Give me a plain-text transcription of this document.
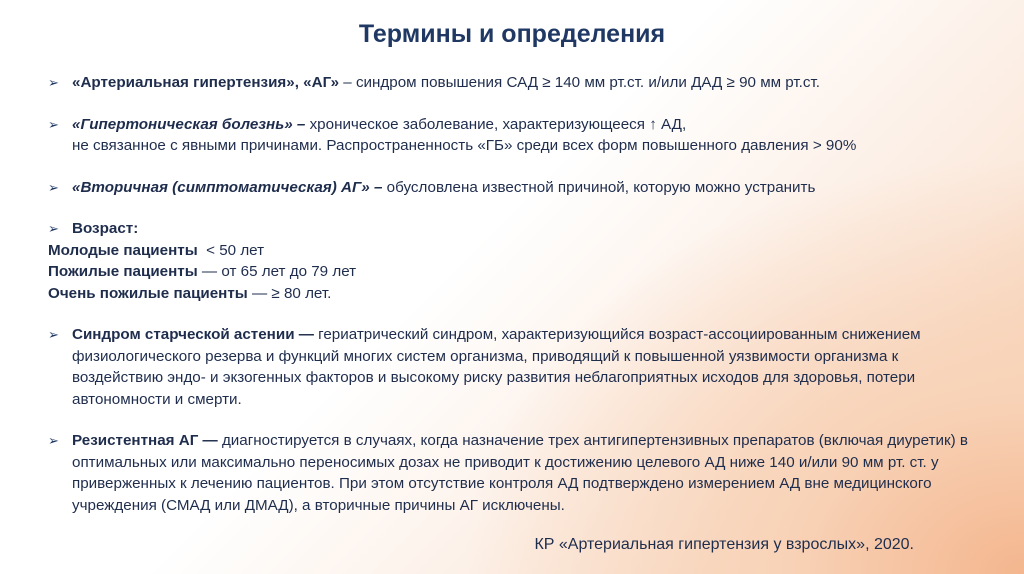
Термины и определения
➢ «Артериальная гипертензия», «АГ» – синдром повышения САД ≥ 140 мм рт.ст. и/или ДАД ≥ 90 мм рт.ст.
➢ «Гипертоническая болезнь» – хроническое заболевание, характеризующееся ↑ АД,
не связанное с явными причинами. Распространенность «ГБ» среди всех форм повышенного давления > 90%
➢ «Вторичная (симптоматическая) АГ» – обусловлена известной причиной, которую можно устранить
➢ Возраст:
Молодые пациенты  < 50 лет
Пожилые пациенты — от 65 лет до 79 лет
Очень пожилые пациенты — ≥ 80 лет.
➢ Синдром старческой астении — гериатрический синдром, характеризующийся возраст-ассоциированным снижением физиологического резерва и функций многих систем организма, приводящий к повышенной уязвимости организма к воздействию эндо- и экзогенных факторов и высокому риску развития неблагоприятных исходов для здоровья, потери автономности и смерти.
➢ Резистентная АГ — диагностируется в случаях, когда назначение трех антигипертензивных препаратов (включая диуретик) в оптимальных или максимально переносимых дозах не приводит к достижению целевого АД ниже 140 и/или 90 мм рт. ст. у приверженных к лечению пациентов. При этом отсутствие контроля АД подтверждено измерением АД вне медицинского учреждения (СМАД или ДМАД), а вторичные причины АГ исключены.
КР «Артериальная гипертензия у взрослых», 2020.
